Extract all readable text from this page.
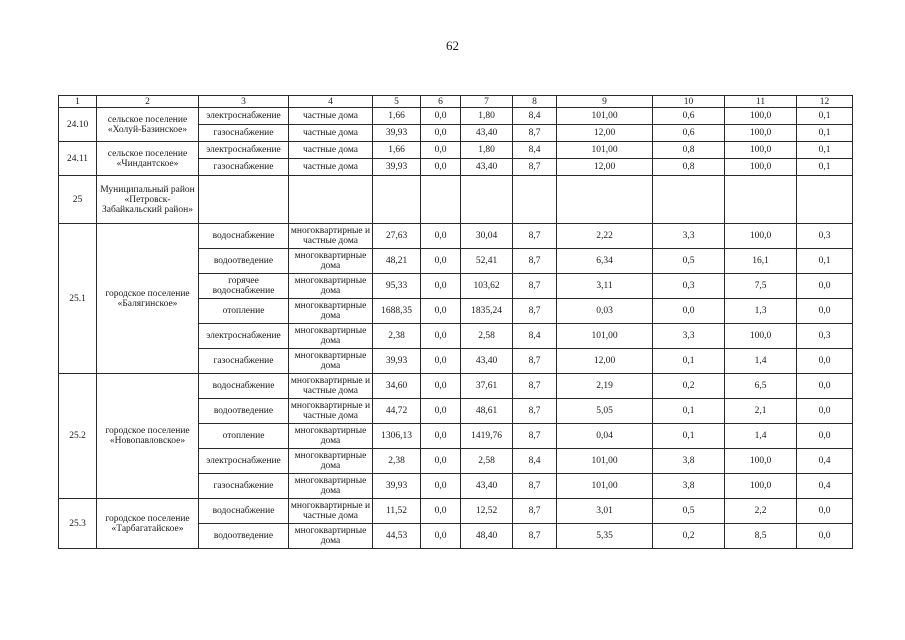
62
1	2	3	4	5	6	7	8	9	10	11	12
24.10	сельское поселение «Холуй-Базинское»	электроснабжение	частные дома	1,66	0,0	1,80	8,4	101,00	0,6	100,0	0,1
		газоснабжение	частные дома	39,93	0,0	43,40	8,7	12,00	0,6	100,0	0,1
24.11	сельское поселение «Чиндантское»	электроснабжение	частные дома	1,66	0,0	1,80	8,4	101,00	0,8	100,0	0,1
		газоснабжение	частные дома	39,93	0,0	43,40	8,7	12,00	0,8	100,0	0,1
25	Муниципальный район «Петровск-Забайкальский район»										
25.1	городское поселение «Балягинское»	водоснабжение	многоквартирные и частные дома	27,63	0,0	30,04	8,7	2,22	3,3	100,0	0,3
		водоотведение	многоквартирные дома	48,21	0,0	52,41	8,7	6,34	0,5	16,1	0,1
		горячее водоснабжение	многоквартирные дома	95,33	0,0	103,62	8,7	3,11	0,3	7,5	0,0
		отопление	многоквартирные дома	1688,35	0,0	1835,24	8,7	0,03	0,0	1,3	0,0
		электроснабжение	многоквартирные дома	2,38	0,0	2,58	8,4	101,00	3,3	100,0	0,3
		газоснабжение	многоквартирные дома	39,93	0,0	43,40	8,7	12,00	0,1	1,4	0,0
25.2	городское поселение «Новопавловское»	водоснабжение	многоквартирные и частные дома	34,60	0,0	37,61	8,7	2,19	0,2	6,5	0,0
		водоотведение	многоквартирные и частные дома	44,72	0,0	48,61	8,7	5,05	0,1	2,1	0,0
		отопление	многоквартирные дома	1306,13	0,0	1419,76	8,7	0,04	0,1	1,4	0,0
		электроснабжение	многоквартирные дома	2,38	0,0	2,58	8,4	101,00	3,8	100,0	0,4
		газоснабжение	многоквартирные дома	39,93	0,0	43,40	8,7	101,00	3,8	100,0	0,4
25.3	городское поселение «Тарбагатайское»	водоснабжение	многоквартирные и частные дома	11,52	0,0	12,52	8,7	3,01	0,5	2,2	0,0
		водоотведение	многоквартирные дома	44,53	0,0	48,40	8,7	5,35	0,2	8,5	0,0
